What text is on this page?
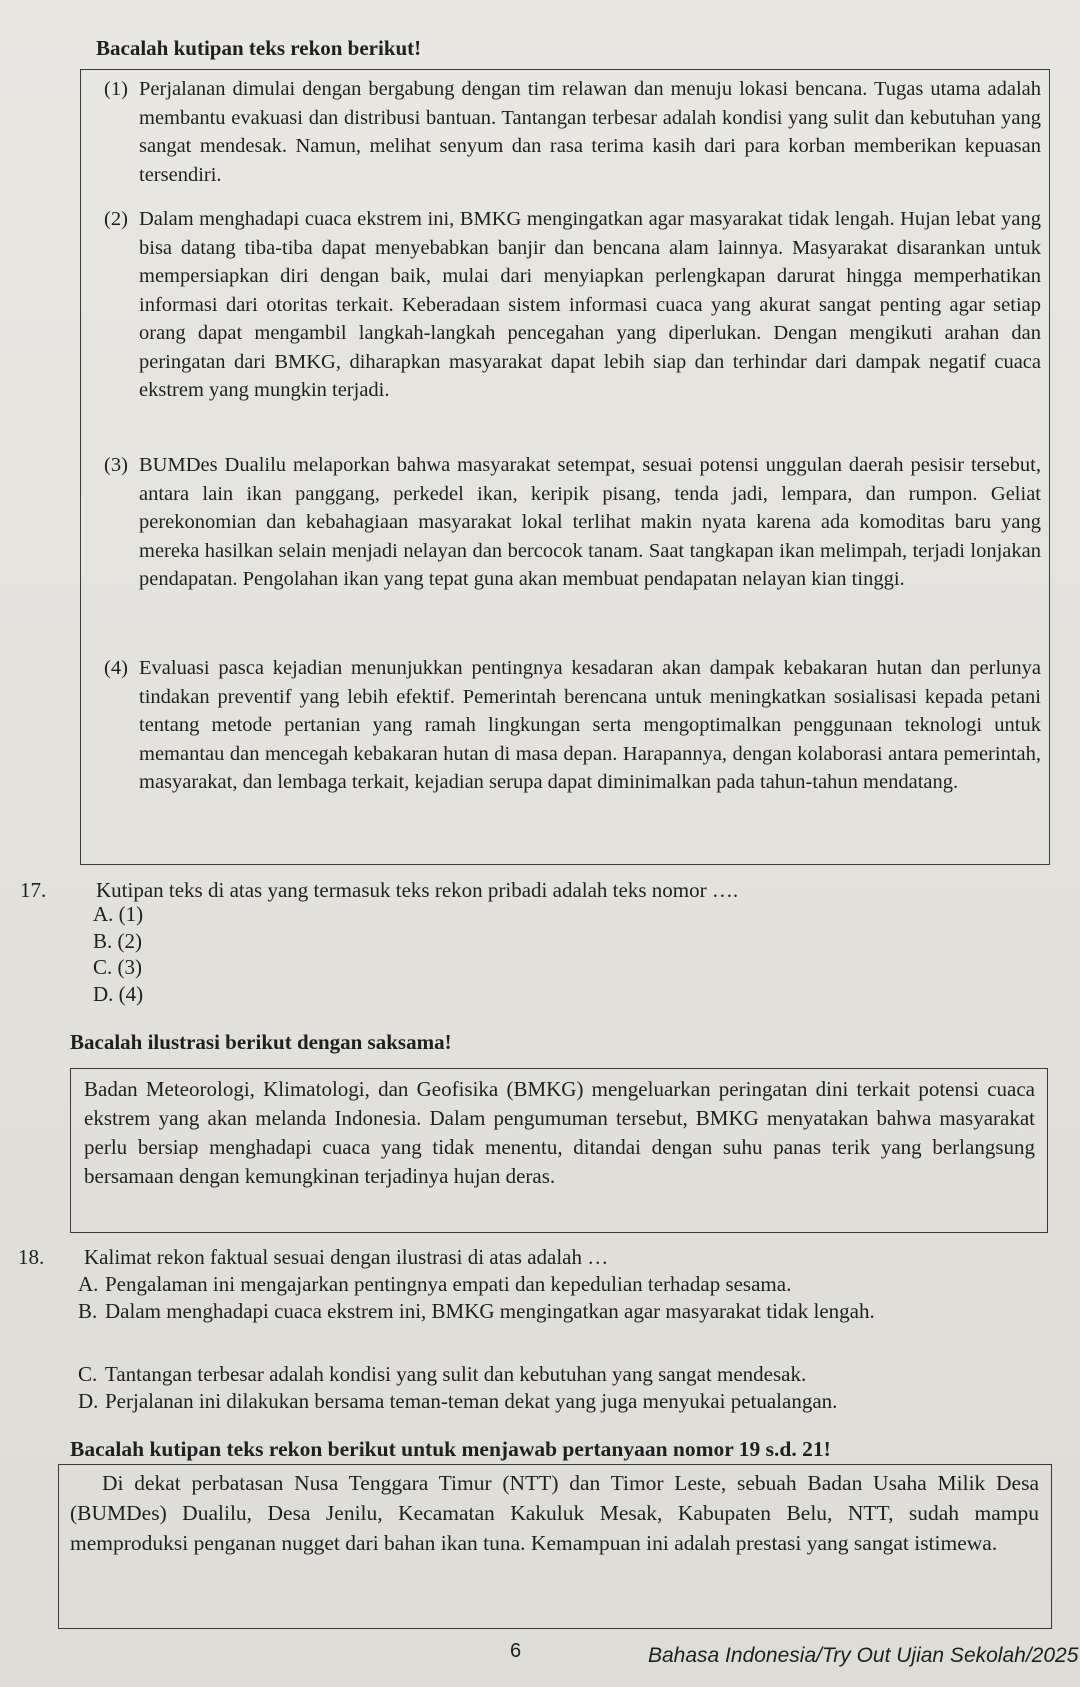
Bacalah kutipan teks rekon berikut!
(1) Perjalanan dimulai dengan bergabung dengan tim relawan dan menuju lokasi bencana. Tugas utama adalah membantu evakuasi dan distribusi bantuan. Tantangan terbesar adalah kondisi yang sulit dan kebutuhan yang sangat mendesak. Namun, melihat senyum dan rasa terima kasih dari para korban memberikan kepuasan tersendiri.
(2) Dalam menghadapi cuaca ekstrem ini, BMKG mengingatkan agar masyarakat tidak lengah. Hujan lebat yang bisa datang tiba-tiba dapat menyebabkan banjir dan bencana alam lainnya. Masyarakat disarankan untuk mempersiapkan diri dengan baik, mulai dari menyiapkan perlengkapan darurat hingga memperhatikan informasi dari otoritas terkait. Keberadaan sistem informasi cuaca yang akurat sangat penting agar setiap orang dapat mengambil langkah-langkah pencegahan yang diperlukan. Dengan mengikuti arahan dan peringatan dari BMKG, diharapkan masyarakat dapat lebih siap dan terhindar dari dampak negatif cuaca ekstrem yang mungkin terjadi.
(3) BUMDes Dualilu melaporkan bahwa masyarakat setempat, sesuai potensi unggulan daerah pesisir tersebut, antara lain ikan panggang, perkedel ikan, keripik pisang, tenda jadi, lempara, dan rumpon. Geliat perekonomian dan kebahagiaan masyarakat lokal terlihat makin nyata karena ada komoditas baru yang mereka hasilkan selain menjadi nelayan dan bercocok tanam. Saat tangkapan ikan melimpah, terjadi lonjakan pendapatan. Pengolahan ikan yang tepat guna akan membuat pendapatan nelayan kian tinggi.
(4) Evaluasi pasca kejadian menunjukkan pentingnya kesadaran akan dampak kebakaran hutan dan perlunya tindakan preventif yang lebih efektif. Pemerintah berencana untuk meningkatkan sosialisasi kepada petani tentang metode pertanian yang ramah lingkungan serta mengoptimalkan penggunaan teknologi untuk memantau dan mencegah kebakaran hutan di masa depan. Harapannya, dengan kolaborasi antara pemerintah, masyarakat, dan lembaga terkait, kejadian serupa dapat diminimalkan pada tahun-tahun mendatang.
17. Kutipan teks di atas yang termasuk teks rekon pribadi adalah teks nomor ….
A. (1)
B. (2)
C. (3)
D. (4)
Bacalah ilustrasi berikut dengan saksama!
Badan Meteorologi, Klimatologi, dan Geofisika (BMKG) mengeluarkan peringatan dini terkait potensi cuaca ekstrem yang akan melanda Indonesia. Dalam pengumuman tersebut, BMKG menyatakan bahwa masyarakat perlu bersiap menghadapi cuaca yang tidak menentu, ditandai dengan suhu panas terik yang berlangsung bersamaan dengan kemungkinan terjadinya hujan deras.
18. Kalimat rekon faktual sesuai dengan ilustrasi di atas adalah …
A. Pengalaman ini mengajarkan pentingnya empati dan kepedulian terhadap sesama.
B. Dalam menghadapi cuaca ekstrem ini, BMKG mengingatkan agar masyarakat tidak lengah.
C. Tantangan terbesar adalah kondisi yang sulit dan kebutuhan yang sangat mendesak.
D. Perjalanan ini dilakukan bersama teman-teman dekat yang juga menyukai petualangan.
Bacalah kutipan teks rekon berikut untuk menjawab pertanyaan nomor 19 s.d. 21!
Di dekat perbatasan Nusa Tenggara Timur (NTT) dan Timor Leste, sebuah Badan Usaha Milik Desa (BUMDes) Dualilu, Desa Jenilu, Kecamatan Kakuluk Mesak, Kabupaten Belu, NTT, sudah mampu memproduksi penganan nugget dari bahan ikan tuna. Kemampuan ini adalah prestasi yang sangat istimewa.
6	Bahasa Indonesia/Try Out Ujian Sekolah/2025
